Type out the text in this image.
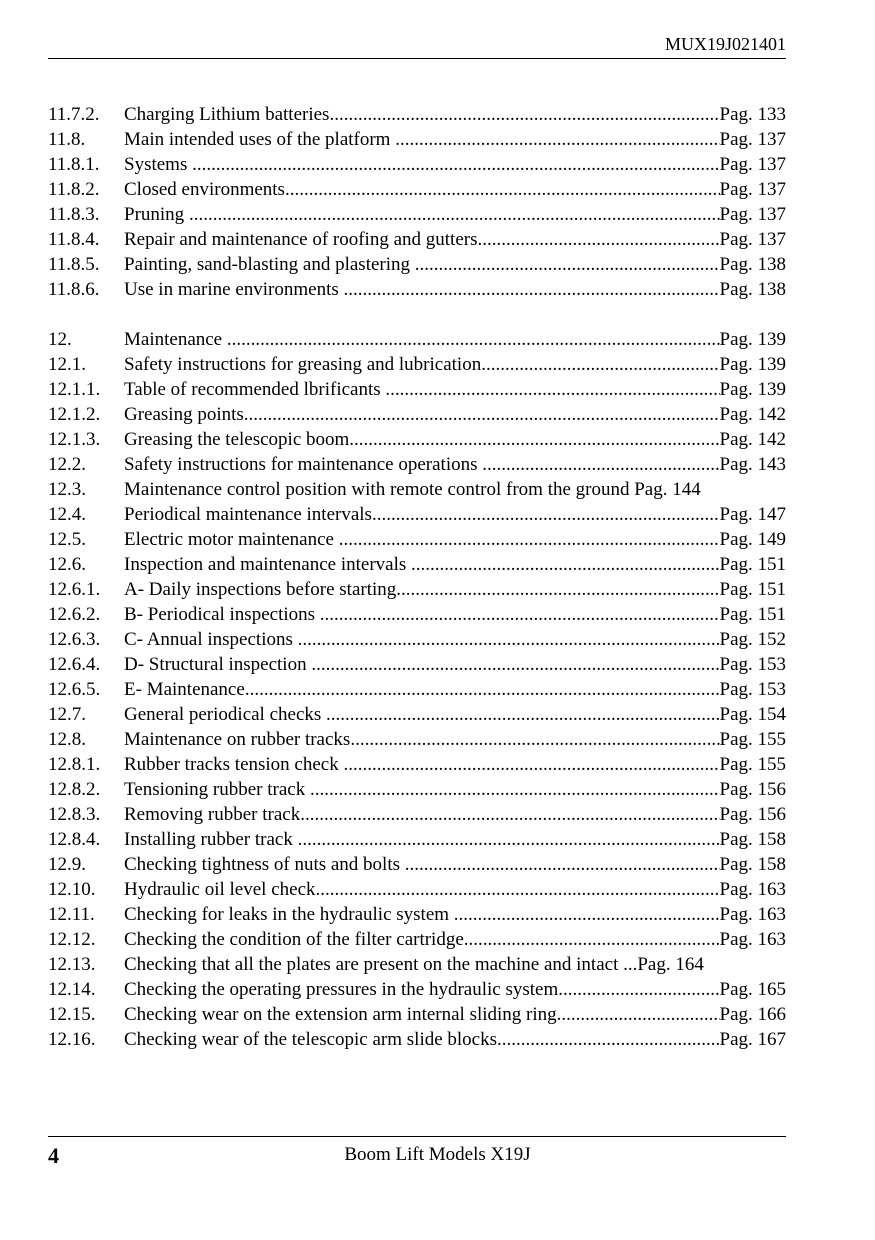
MUX19J021401
11.7.2.	Charging Lithium batteries .....	Pag. 133
11.8.	Main intended uses of the platform .....	Pag. 137
11.8.1.	Systems .....	Pag. 137
11.8.2.	Closed environments .....	Pag. 137
11.8.3.	Pruning .....	Pag. 137
11.8.4.	Repair and maintenance of roofing and gutters .....	Pag. 137
11.8.5.	Painting, sand-blasting and plastering .....	Pag. 138
11.8.6.	Use in marine environments .....	Pag. 138
12.	Maintenance .....	Pag. 139
12.1.	Safety instructions for greasing and lubrication .....	Pag. 139
12.1.1.	Table of recommended lbrificants .....	Pag. 139
12.1.2.	Greasing points .....	Pag. 142
12.1.3.	Greasing the telescopic boom .....	Pag. 142
12.2.	Safety instructions for maintenance operations .....	Pag. 143
12.3.	Maintenance control position with remote control from the ground Pag. 144
12.4.	Periodical maintenance intervals .....	Pag. 147
12.5.	Electric motor maintenance .....	Pag. 149
12.6.	Inspection and maintenance intervals .....	Pag. 151
12.6.1.	A- Daily inspections before starting .....	Pag. 151
12.6.2.	B- Periodical inspections .....	Pag. 151
12.6.3.	C- Annual inspections .....	Pag. 152
12.6.4.	D- Structural inspection .....	Pag. 153
12.6.5.	E- Maintenance .....	Pag. 153
12.7.	General periodical checks .....	Pag. 154
12.8.	Maintenance on rubber tracks .....	Pag. 155
12.8.1.	Rubber tracks tension check .....	Pag. 155
12.8.2.	Tensioning rubber track .....	Pag. 156
12.8.3.	Removing rubber track .....	Pag. 156
12.8.4.	Installing rubber track .....	Pag. 158
12.9.	Checking tightness of nuts and bolts .....	Pag. 158
12.10.	Hydraulic oil level check .....	Pag. 163
12.11.	Checking for leaks in the hydraulic system .....	Pag. 163
12.12.	Checking the condition of the filter cartridge .....	Pag. 163
12.13.	Checking that all the plates are present on the machine and intact ...Pag. 164
12.14.	Checking the operating pressures in the hydraulic system .....	Pag. 165
12.15.	Checking wear on the extension arm internal sliding ring .....	Pag. 166
12.16.	Checking wear of the telescopic arm slide blocks .....	Pag. 167
4	Boom Lift Models X19J
